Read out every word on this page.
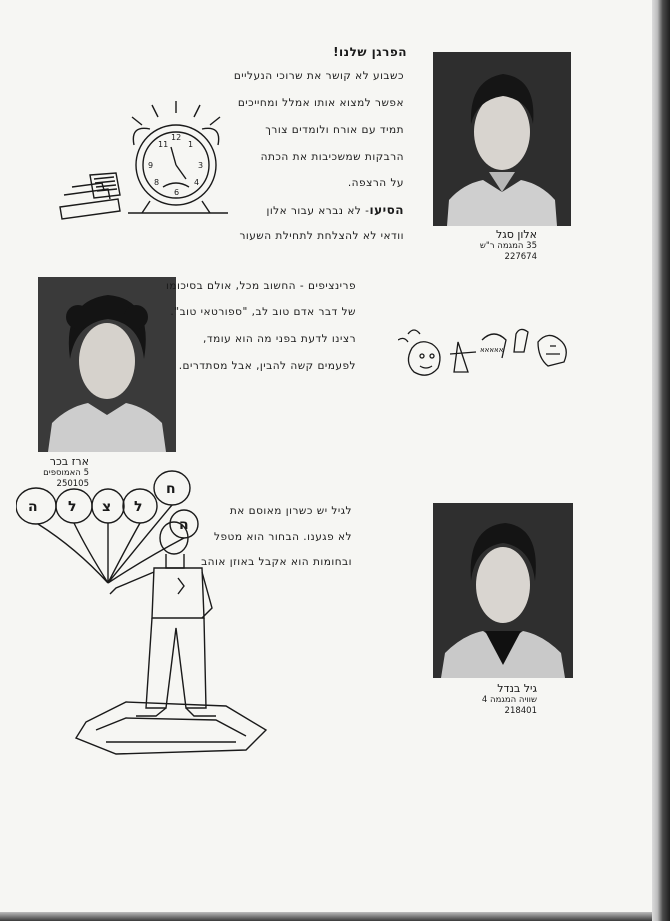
12
3
6
9
1
11
4
8
הפרגן שלנו!
כשבוע לא קושר את שרוכי הנעליים
אפשר למצוא אותו אמלל ומחייכים
תמיד עם אורח ולומדים צורך
הרבקות שמשכיבות את הכתה
על הרצפה.
הסיעו- לא נברא עבור אלון
וודאי לא להצלחת לתחילת השעור	אלון סגל
35 המגמה ר"ש
227674
ארז בכר
5 האמוספים
250105
פרינציפים - החשוב מכל, אולם בסיכומו
של דבר אדם טוב לב, "ספורטאי טוב".
רצינו לדעת בפני מה הוא עומד,
לפעמים קשה להבין, אבל מסתדרים.
אאאאא
ה ל צ ל
ח
ה
לגיל יש כשרון מאוסם את
לא פגענו. הבחור הוא מטפל
ובחומות הוא אקבל באוזן אוהב
גיל בנדל
שוויה המגמה 4
218401
